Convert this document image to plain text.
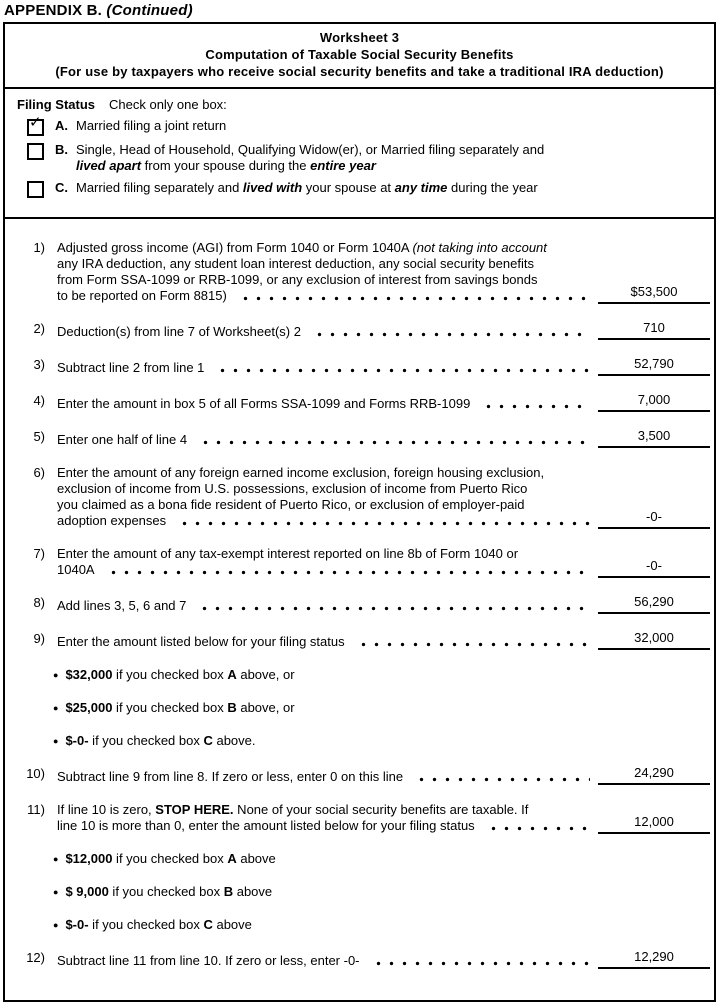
APPENDIX B. (Continued)
Worksheet 3
Computation of Taxable Social Security Benefits
(For use by taxpayers who receive social security benefits and take a traditional IRA deduction)
Filing Status Check only one box:
✓ A. Married filing a joint return
B. Single, Head of Household, Qualifying Widow(er), or Married filing separately and
lived apart from your spouse during the entire year
C. Married filing separately and lived with your spouse at any time during the year
1) Adjusted gross income (AGI) from Form 1040 or Form 1040A (not taking into account
any IRA deduction, any student loan interest deduction, any social security benefits
from Form SSA-1099 or RRB-1099, or any exclusion of interest from savings bonds
to be reported on Form 8815)	$53,500
2) Deduction(s) from line 7 of Worksheet(s) 2	710
3) Subtract line 2 from line 1	52,790
4) Enter the amount in box 5 of all Forms SSA-1099 and Forms RRB-1099	7,000
5) Enter one half of line 4	3,500
6) Enter the amount of any foreign earned income exclusion, foreign housing exclusion,
exclusion of income from U.S. possessions, exclusion of income from Puerto Rico
you claimed as a bona fide resident of Puerto Rico, or exclusion of employer-paid
adoption expenses	-0-
7) Enter the amount of any tax-exempt interest reported on line 8b of Form 1040 or
1040A	-0-
8) Add lines 3, 5, 6 and 7	56,290
9) Enter the amount listed below for your filing status	32,000
● $32,000 if you checked box A above, or
● $25,000 if you checked box B above, or
● $-0- if you checked box C above.
10) Subtract line 9 from line 8. If zero or less, enter 0 on this line	24,290
11) If line 10 is zero, STOP HERE. None of your social security benefits are taxable. If
line 10 is more than 0, enter the amount listed below for your filing status	12,000
● $12,000 if you checked box A above
● $ 9,000 if you checked box B above
● $-0- if you checked box C above
12) Subtract line 11 from line 10. If zero or less, enter -0-	12,290
